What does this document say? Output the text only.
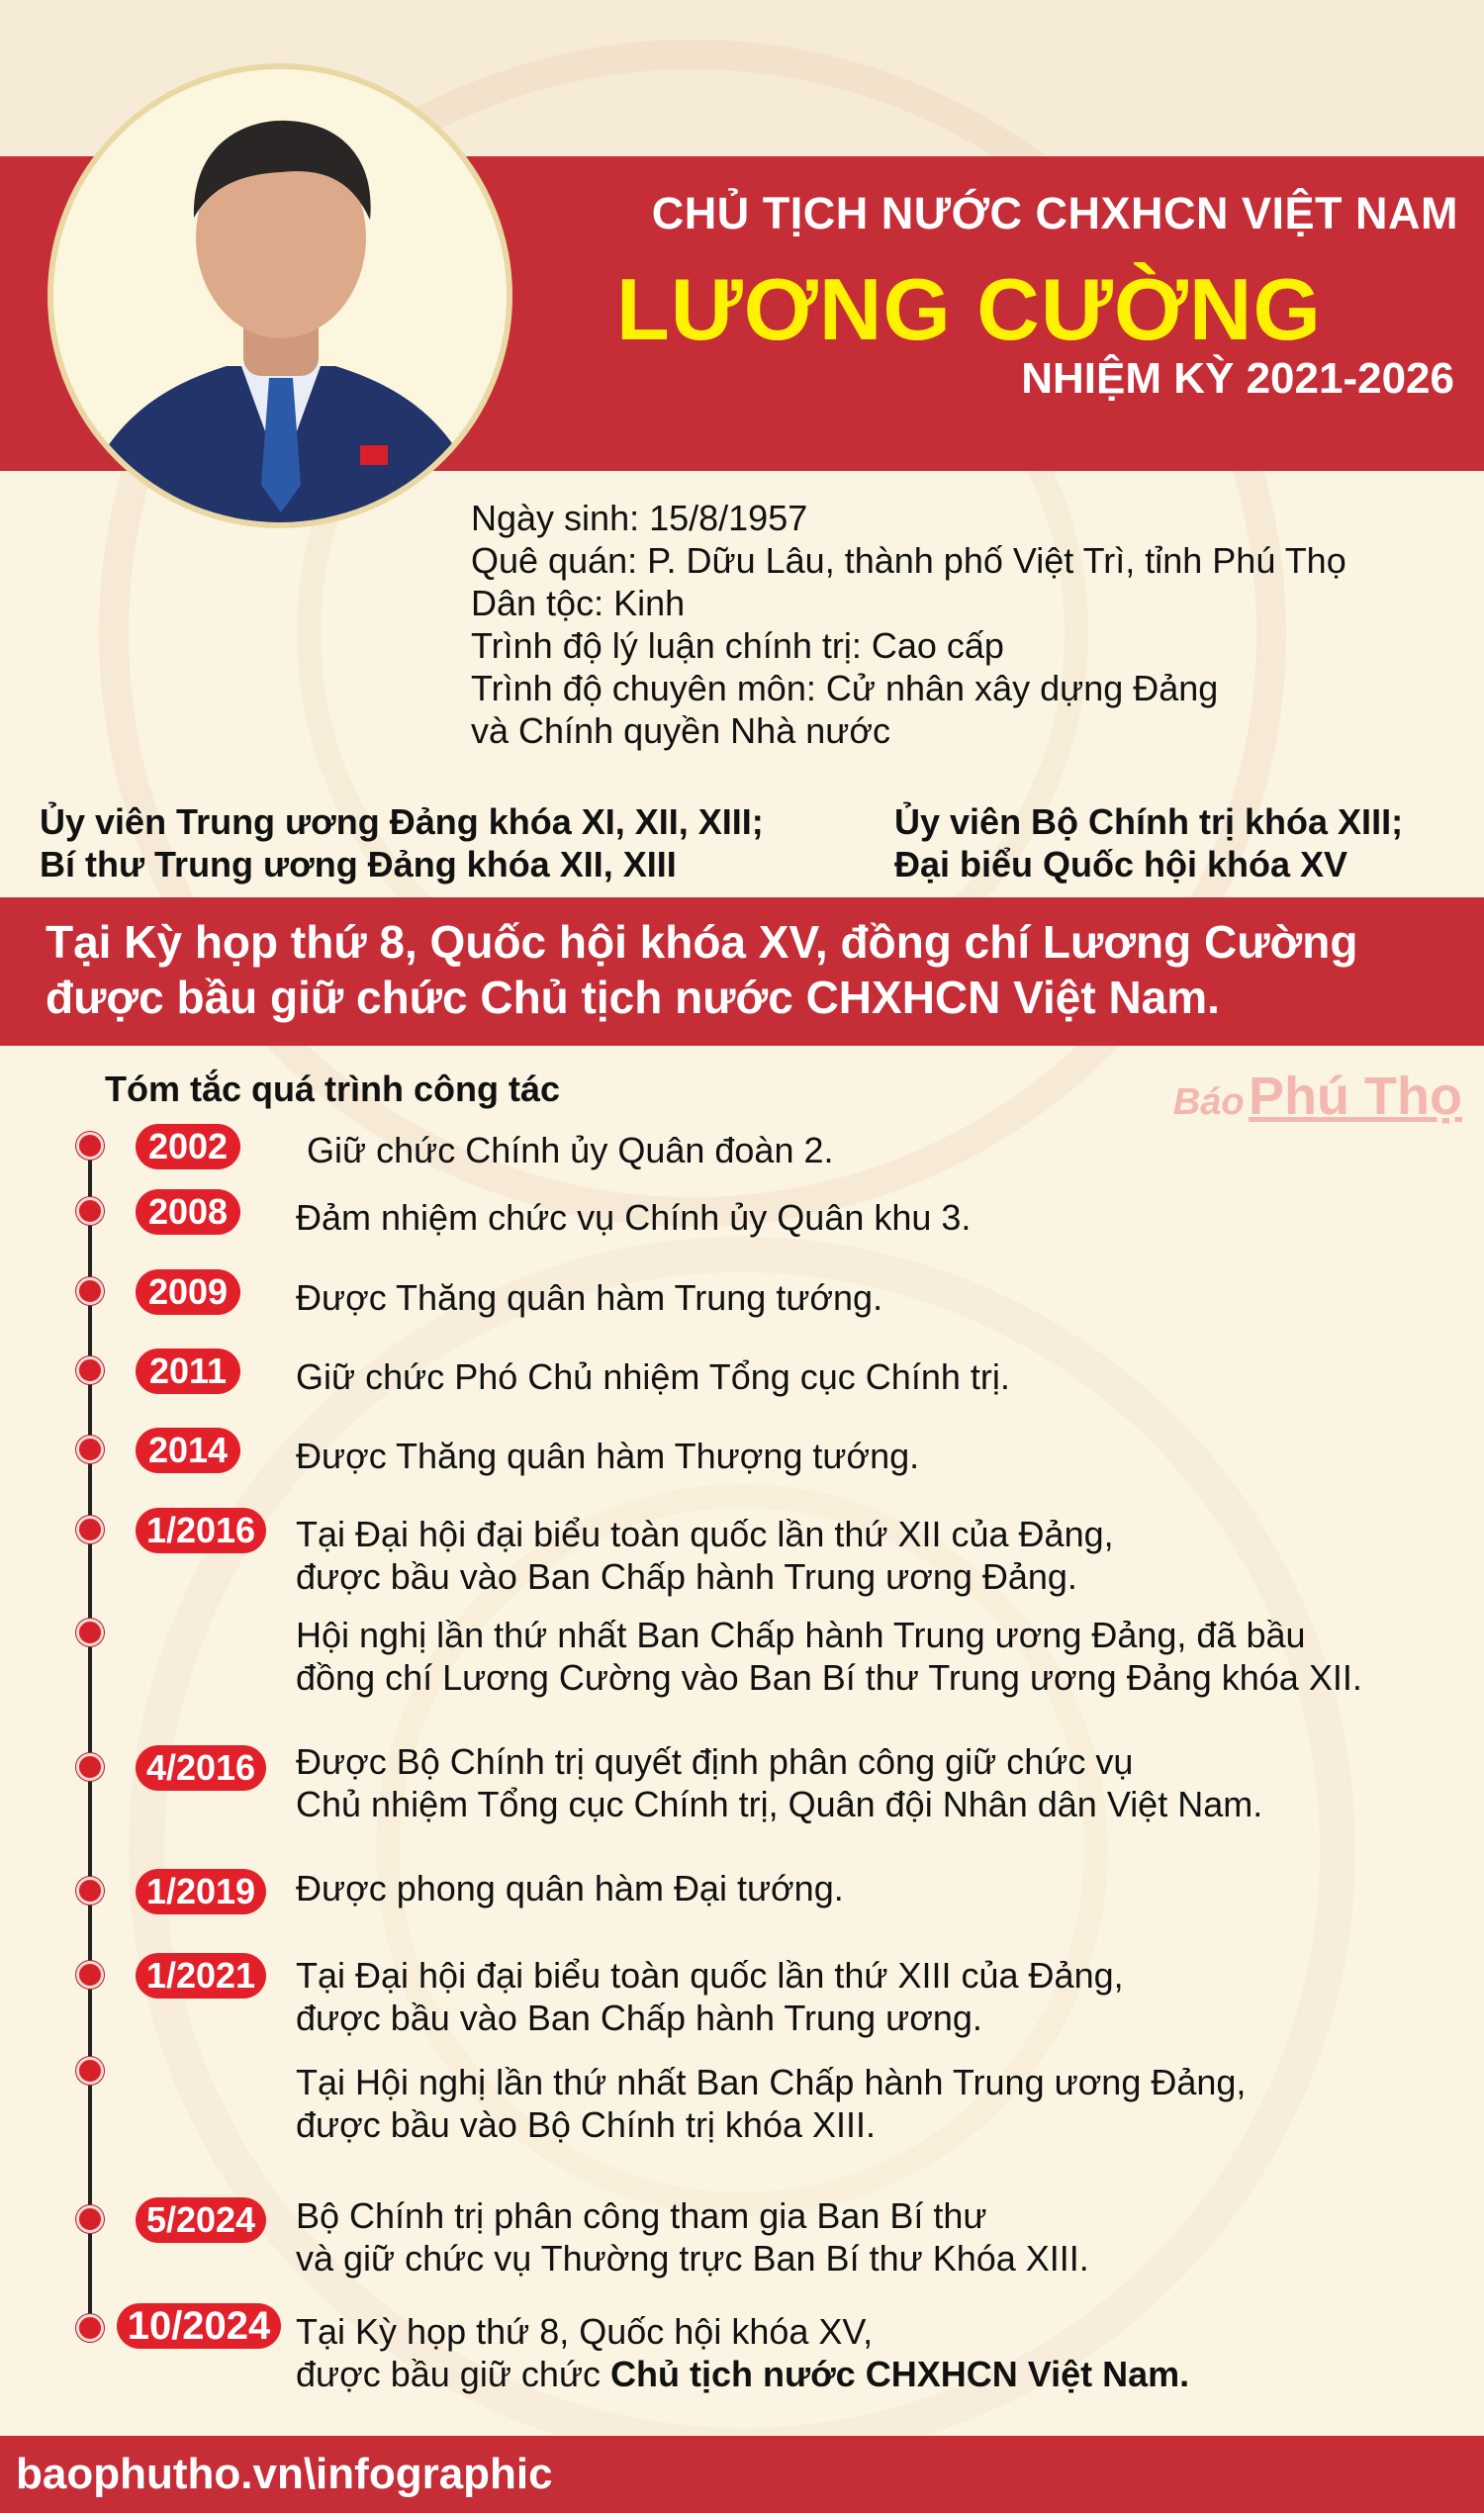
CHỦ TỊCH NƯỚC CHXHCN VIỆT NAM
LƯƠNG CƯỜNG
NHIỆM KỲ 2021-2026
Ngày sinh: 15/8/1957
Quê quán: P. Dữu Lâu, thành phố Việt Trì, tỉnh Phú Thọ
Dân tộc: Kinh
Trình độ lý luận chính trị: Cao cấp
Trình độ chuyên môn: Cử nhân xây dựng Đảng
và Chính quyền Nhà nước
Ủy viên Trung ương Đảng khóa XI, XII, XIII;
Bí thư Trung ương Đảng khóa XII, XIII
Ủy viên Bộ Chính trị khóa XIII;
Đại biểu Quốc hội khóa XV
Tại Kỳ họp thứ 8, Quốc hội khóa XV, đồng chí Lương Cường
được bầu giữ chức Chủ tịch nước CHXHCN Việt Nam.
Tóm tắc quá trình công tác	Báo Phú Thọ
2002	Giữ chức Chính ủy Quân đoàn 2.
2008	Đảm nhiệm chức vụ Chính ủy Quân khu 3.
2009	Được Thăng quân hàm Trung tướng.
2011	Giữ chức Phó Chủ nhiệm Tổng cục Chính trị.
2014	Được Thăng quân hàm Thượng tướng.
1/2016	Tại Đại hội đại biểu toàn quốc lần thứ XII của Đảng,
được bầu vào Ban Chấp hành Trung ương Đảng.
Hội nghị lần thứ nhất Ban Chấp hành Trung ương Đảng, đã bầu
đồng chí Lương Cường vào Ban Bí thư Trung ương Đảng khóa XII.
4/2016	Được Bộ Chính trị quyết định phân công giữ chức vụ
Chủ nhiệm Tổng cục Chính trị, Quân đội Nhân dân Việt Nam.
1/2019	Được phong quân hàm Đại tướng.
1/2021	Tại Đại hội đại biểu toàn quốc lần thứ XIII của Đảng,
được bầu vào Ban Chấp hành Trung ương.
Tại Hội nghị lần thứ nhất Ban Chấp hành Trung ương Đảng,
được bầu vào Bộ Chính trị khóa XIII.
5/2024	Bộ Chính trị phân công tham gia Ban Bí thư
và giữ chức vụ Thường trực Ban Bí thư Khóa XIII.
10/2024 Tại Kỳ họp thứ 8, Quốc hội khóa XV,
được bầu giữ chức Chủ tịch nước CHXHCN Việt Nam.
baophutho.vn\infographic
